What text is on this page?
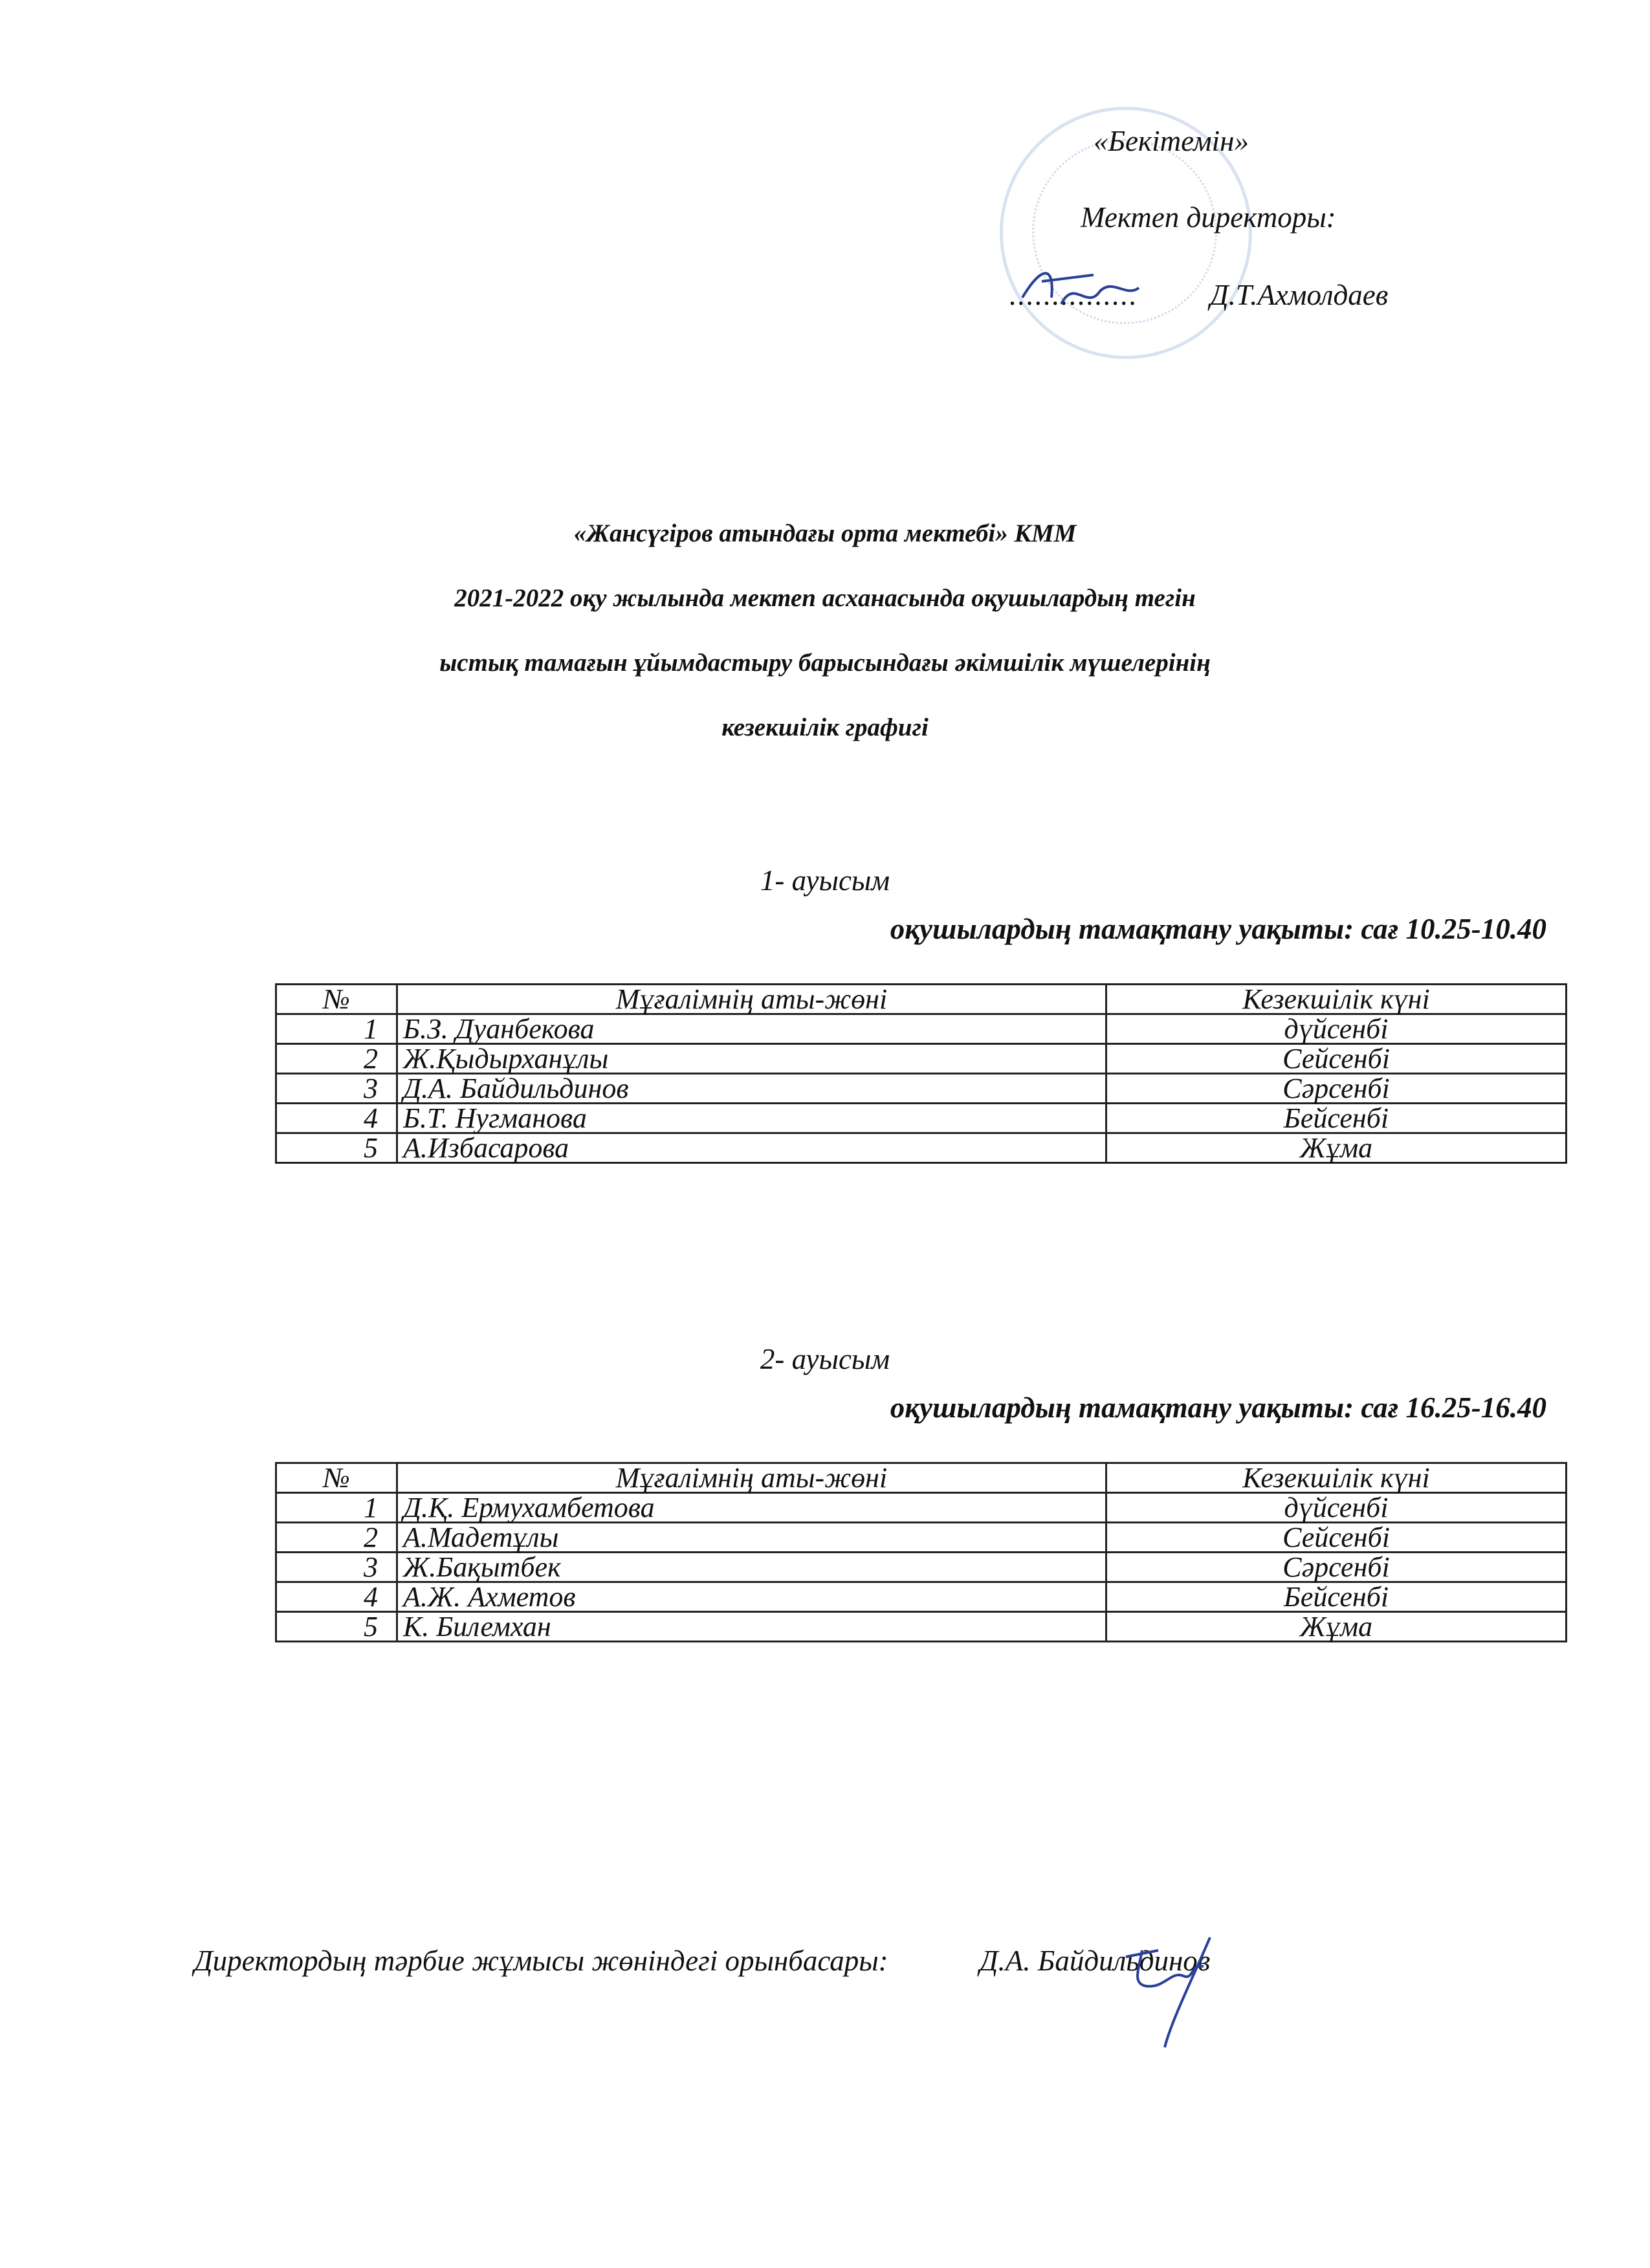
«Бекітемін»
Мектеп директоры:
............... Д.Т.Ахмолдаев
«Жансүгіров атындағы орта мектебі» КММ
2021-2022 оқу жылында мектеп асханасында оқушылардың тегін
ыстық тамағын ұйымдастыру барысындағы әкімшілік мүшелерінің
кезекшілік графигі
1- ауысым
оқушылардың тамақтану уақыты: сағ 10.25-10.40
№	Мұғалімнің аты-жөні	Кезекшілік күні
1	Б.З. Дуанбекова	дүйсенбі
2	Ж.Қыдырханұлы	Сейсенбі
3	Д.А. Байдильдинов	Сәрсенбі
4	Б.Т. Нугманова	Бейсенбі
5	А.Избасарова	Жұма
2- ауысым
оқушылардың тамақтану уақыты: сағ 16.25-16.40
№	Мұғалімнің аты-жөні	Кезекшілік күні
1	Д.Қ. Ермухамбетова	дүйсенбі
2	А.Мадетұлы	Сейсенбі
3	Ж.Бақытбек	Сәрсенбі
4	А.Ж. Ахметов	Бейсенбі
5	К. Билемхан	Жұма
Директордың тәрбие жұмысы жөніндегі орынбасары:	Д.А. Байдильдинов
